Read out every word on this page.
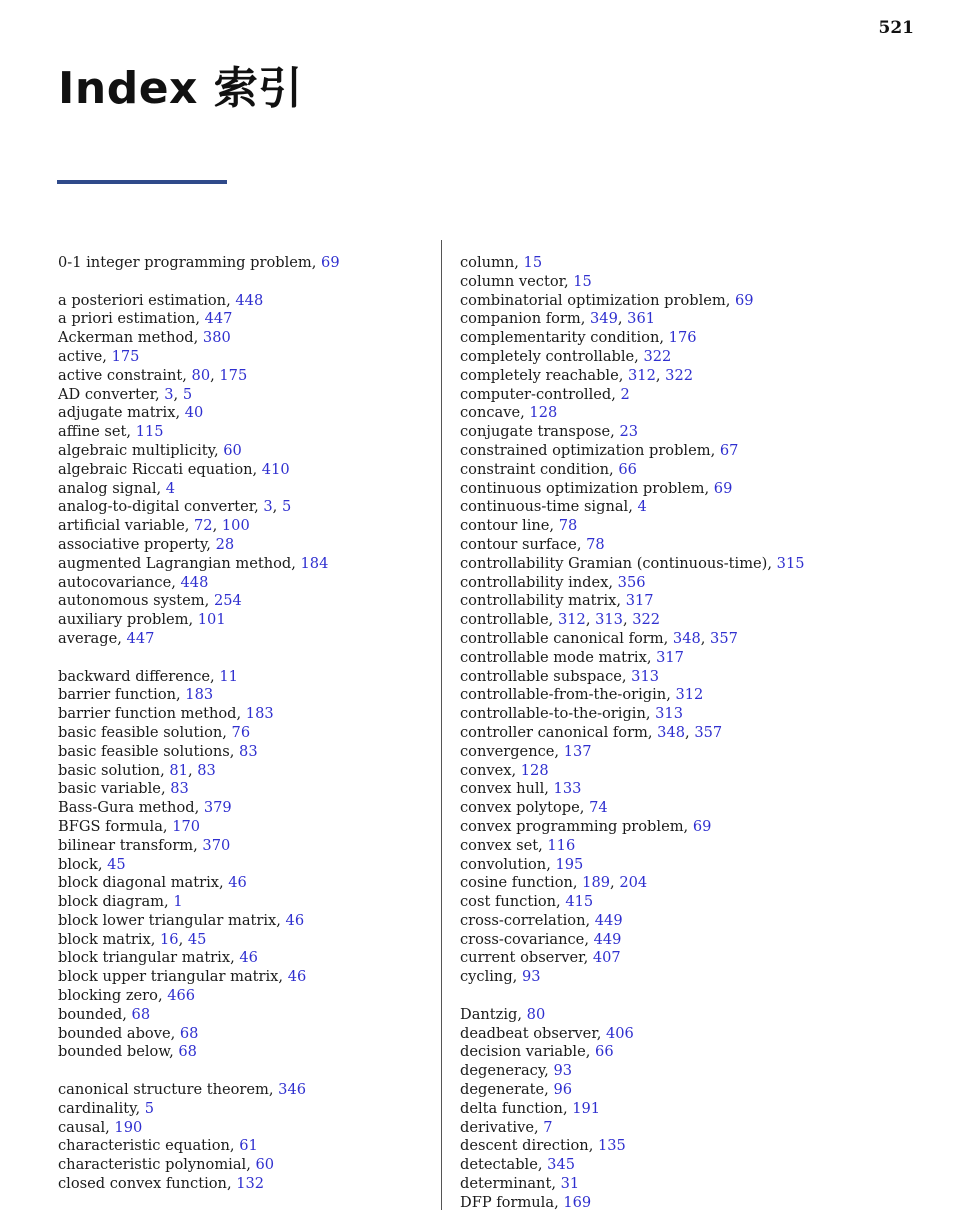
521
Index 索引
0-1 integer programming problem, 69
a posteriori estimation, 448
a priori estimation, 447
Ackerman method, 380
active, 175
active constraint, 80, 175
AD converter, 3, 5
adjugate matrix, 40
affine set, 115
algebraic multiplicity, 60
algebraic Riccati equation, 410
analog signal, 4
analog-to-digital converter, 3, 5
artificial variable, 72, 100
associative property, 28
augmented Lagrangian method, 184
autocovariance, 448
autonomous system, 254
auxiliary problem, 101
average, 447
backward difference, 11
barrier function, 183
barrier function method, 183
basic feasible solution, 76
basic feasible solutions, 83
basic solution, 81, 83
basic variable, 83
Bass-Gura method, 379
BFGS formula, 170
bilinear transform, 370
block, 45
block diagonal matrix, 46
block diagram, 1
block lower triangular matrix, 46
block matrix, 16, 45
block triangular matrix, 46
block upper triangular matrix, 46
blocking zero, 466
bounded, 68
bounded above, 68
bounded below, 68
canonical structure theorem, 346
cardinality, 5
causal, 190
characteristic equation, 61
characteristic polynomial, 60
closed convex function, 132
column, 15
column vector, 15
combinatorial optimization problem, 69
companion form, 349, 361
complementarity condition, 176
completely controllable, 322
completely reachable, 312, 322
computer-controlled, 2
concave, 128
conjugate transpose, 23
constrained optimization problem, 67
constraint condition, 66
continuous optimization problem, 69
continuous-time signal, 4
contour line, 78
contour surface, 78
controllability Gramian (continuous-time), 315
controllability index, 356
controllability matrix, 317
controllable, 312, 313, 322
controllable canonical form, 348, 357
controllable mode matrix, 317
controllable subspace, 313
controllable-from-the-origin, 312
controllable-to-the-origin, 313
controller canonical form, 348, 357
convergence, 137
convex, 128
convex hull, 133
convex polytope, 74
convex programming problem, 69
convex set, 116
convolution, 195
cosine function, 189, 204
cost function, 415
cross-correlation, 449
cross-covariance, 449
current observer, 407
cycling, 93
Dantzig, 80
deadbeat observer, 406
decision variable, 66
degeneracy, 93
degenerate, 96
delta function, 191
derivative, 7
descent direction, 135
detectable, 345
determinant, 31
DFP formula, 169
